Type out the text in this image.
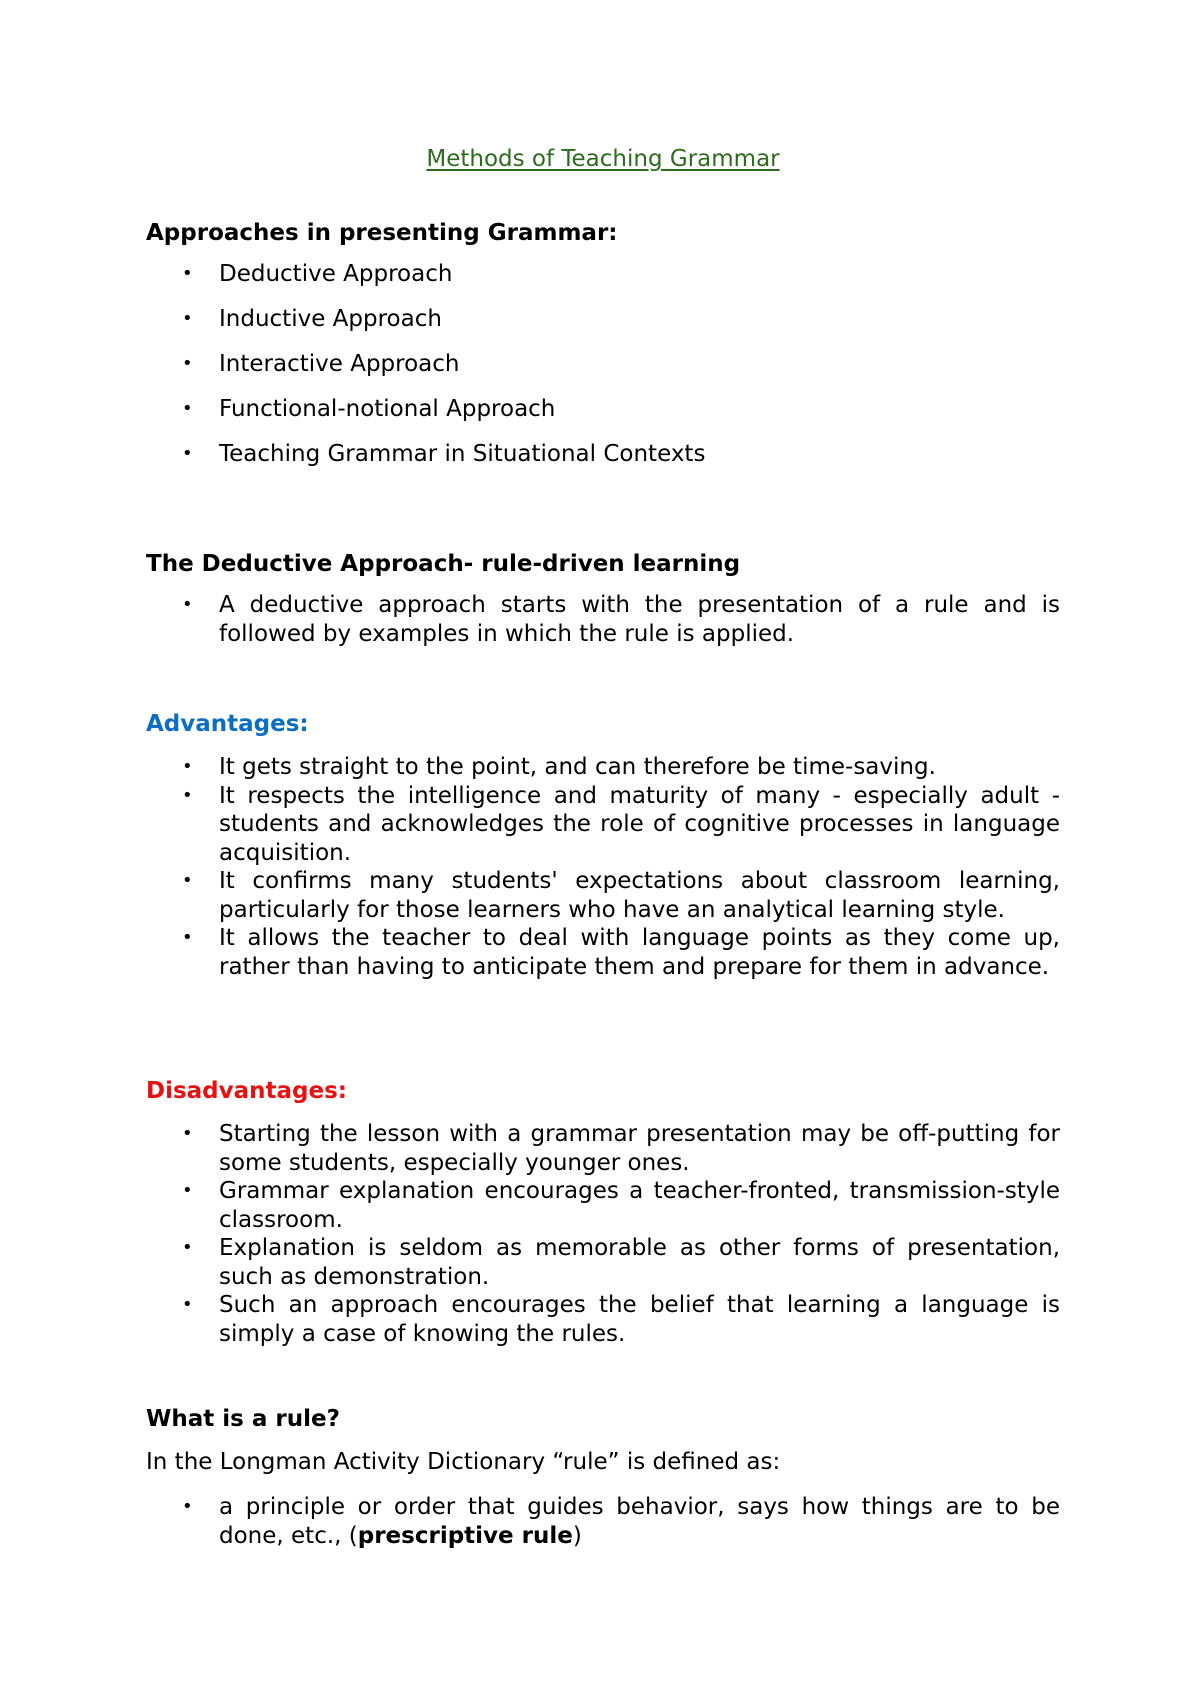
Methods of Teaching Grammar
Approaches in presenting Grammar:
• Deductive Approach
• Inductive Approach
• Interactive Approach
• Functional-notional Approach
• Teaching Grammar in Situational Contexts
The Deductive Approach- rule-driven learning
• A deductive approach starts with the presentation of a rule and is followed by examples in which the rule is applied.
Advantages:
• It gets straight to the point, and can therefore be time-saving.
• It respects the intelligence and maturity of many - especially adult -students and acknowledges the role of cognitive processes in language acquisition.
• It confirms many students' expectations about classroom learning, particularly for those learners who have an analytical learning style.
• It allows the teacher to deal with language points as they come up, rather than having to anticipate them and prepare for them in advance.
Disadvantages:
• Starting the lesson with a grammar presentation may be off-putting for some students, especially younger ones.
• Grammar explanation encourages a teacher-fronted, transmission-style classroom.
• Explanation is seldom as memorable as other forms of presentation, such as demonstration.
• Such an approach encourages the belief that learning a language is simply a case of knowing the rules.
What is a rule?
In the Longman Activity Dictionary “rule” is defined as:
• a principle or order that guides behavior, says how things are to be done, etc., (prescriptive rule)
